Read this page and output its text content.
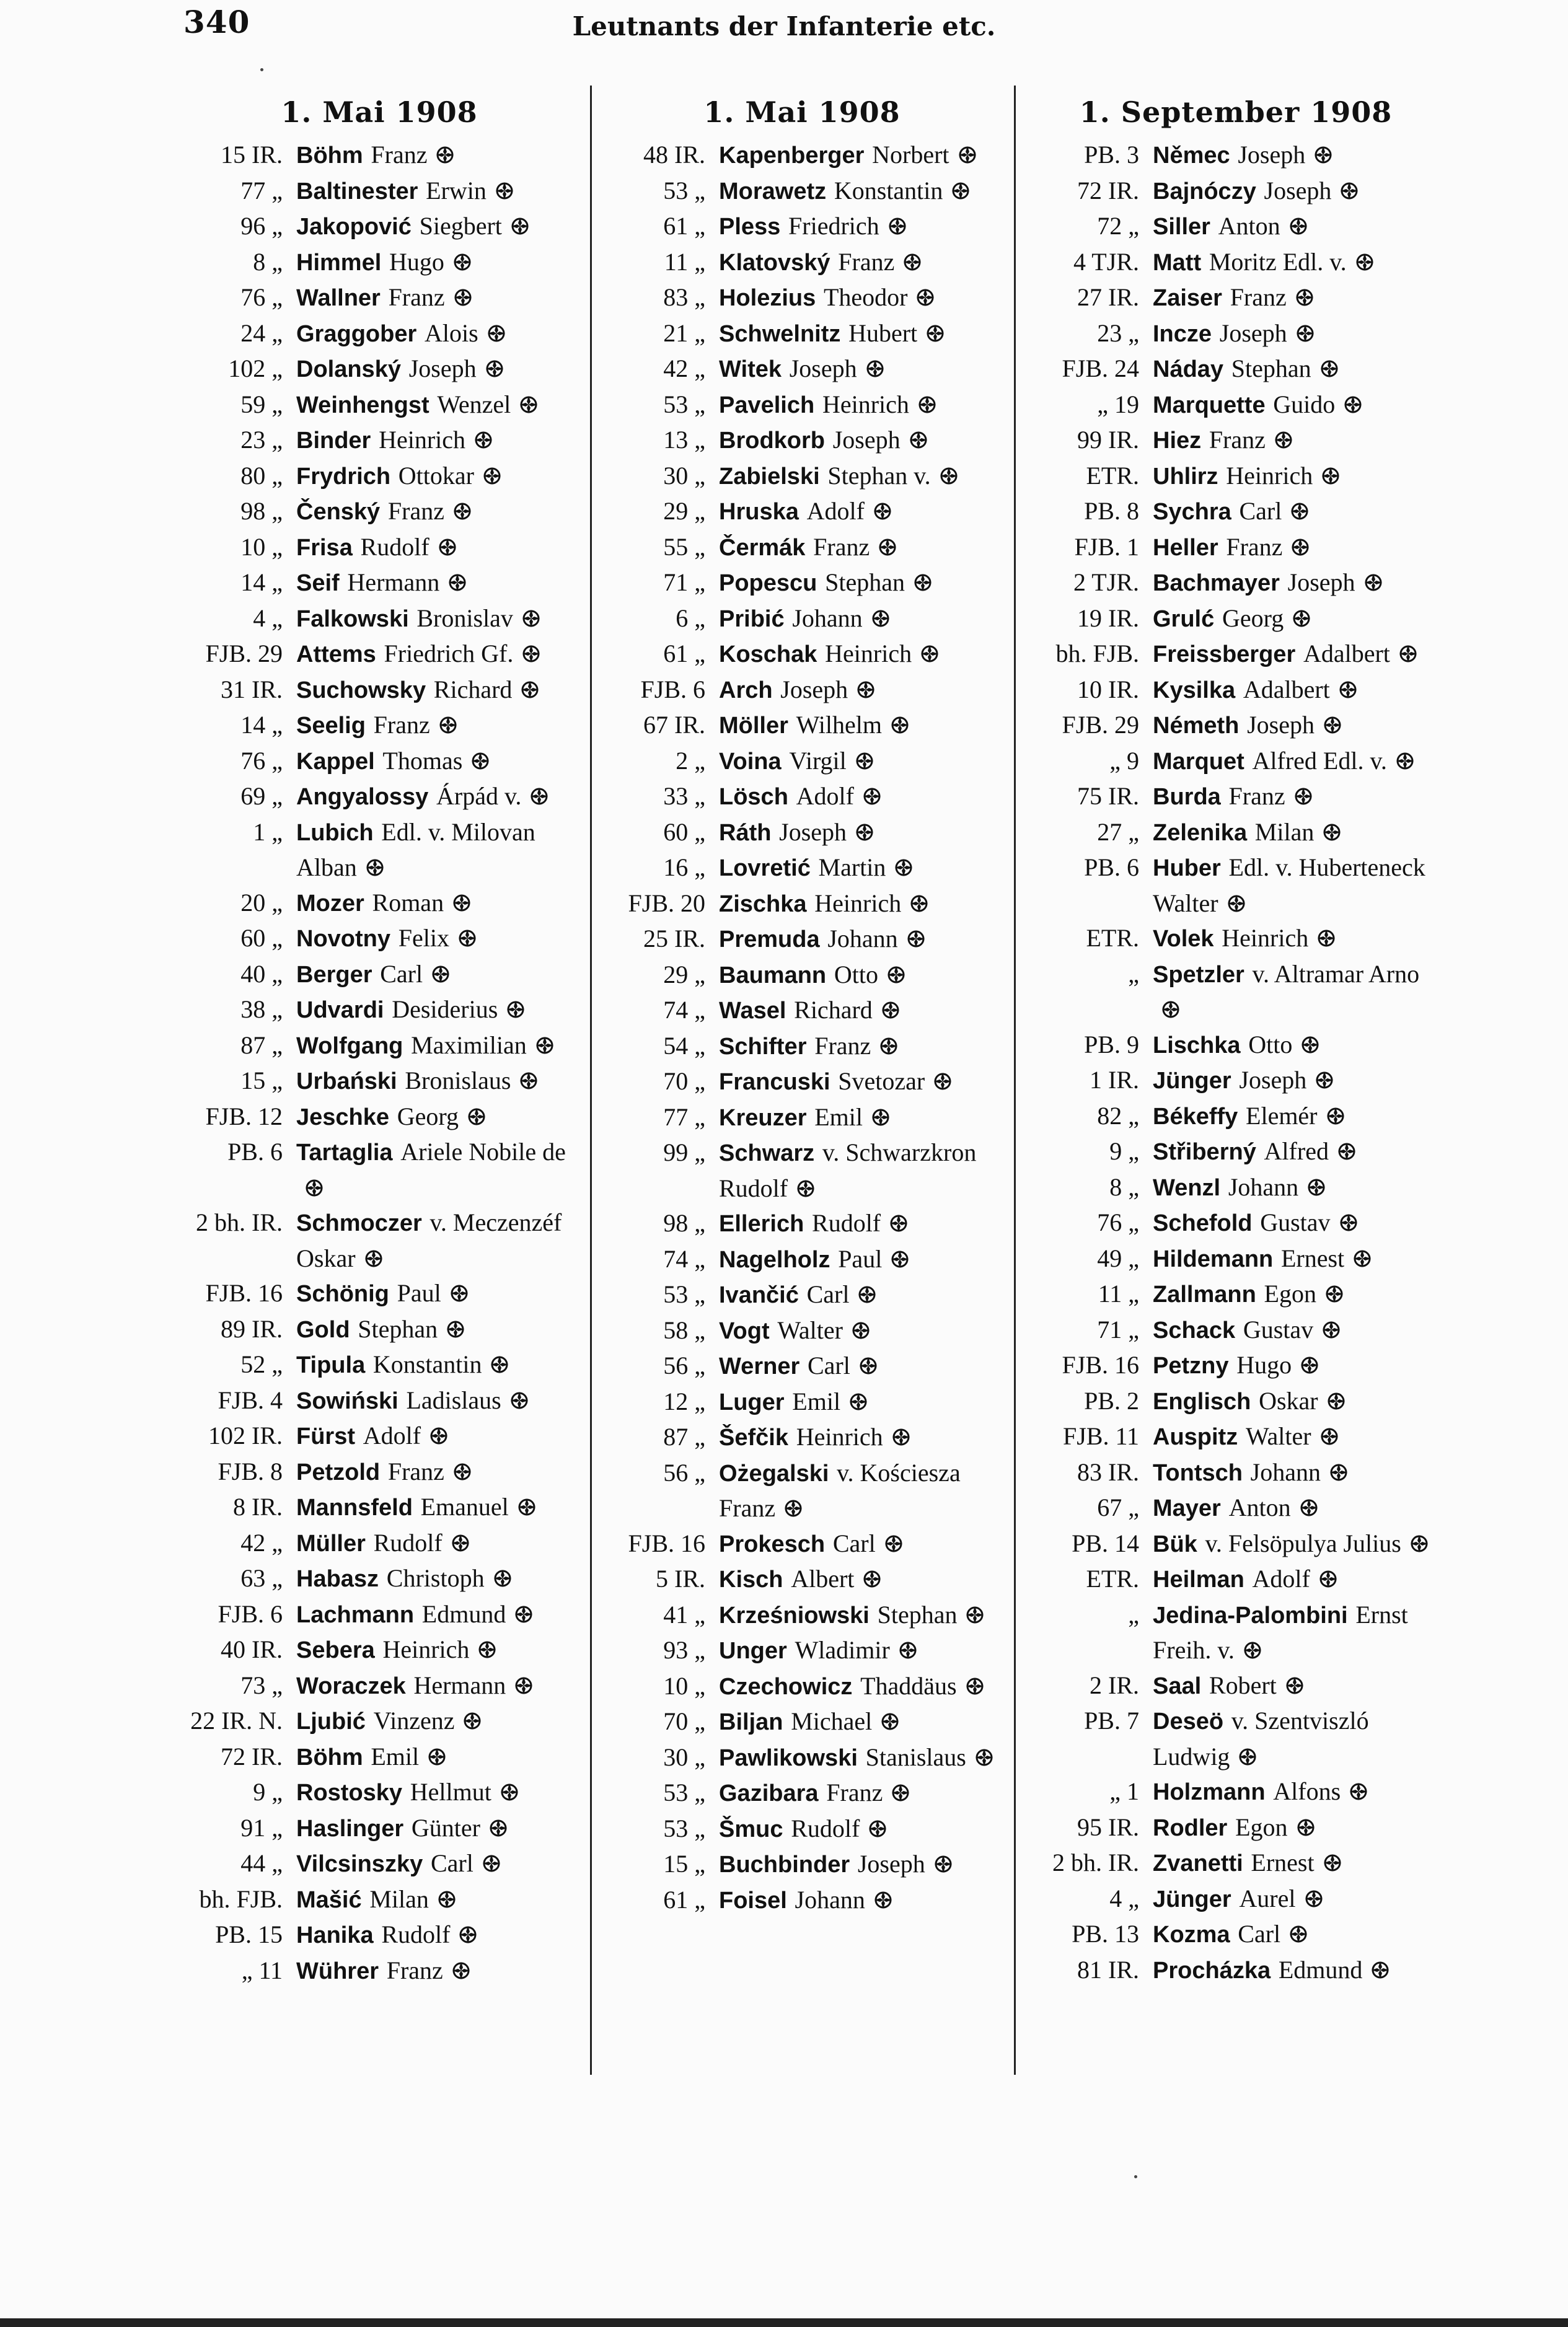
340	Leutnants der Infanterie etc.
1. Mai 1908
15 IR. Böhm Franz
77 „ Baltinester Erwin
96 „ Jakopović Siegbert
8 „ Himmel Hugo
76 „ Wallner Franz
24 „ Graggober Alois
102 „ Dolanský Joseph
59 „ Weinhengst Wenzel
23 „ Binder Heinrich
80 „ Frydrich Ottokar
98 „ Čenský Franz
10 „ Frisa Rudolf
14 „ Seif Hermann
4 „ Falkowski Bronislav
FJB. 29 Attems Friedrich Gf.
31 IR. Suchowsky Richard
14 „ Seelig Franz
76 „ Kappel Thomas
69 „ Angyalossy Árpád v.
1 „ Lubich Edl. v. Milovan Alban
20 „ Mozer Roman
60 „ Novotny Felix
40 „ Berger Carl
38 „ Udvardi Desiderius
87 „ Wolfgang Maximilian
15 „ Urbański Bronislaus
FJB. 12 Jeschke Georg
PB. 6 Tartaglia Ariele Nobile de
2 bh. IR. Schmoczer v. Meczenzéf Oskar
FJB. 16 Schönig Paul
89 IR. Gold Stephan
52 „ Tipula Konstantin
FJB. 4 Sowiński Ladislaus
102 IR. Fürst Adolf
FJB. 8 Petzold Franz
8 IR. Mannsfeld Emanuel
42 „ Müller Rudolf
63 „ Habasz Christoph
FJB. 6 Lachmann Edmund
40 IR. Sebera Heinrich
73 „ Woraczek Hermann
22 IR. N. Ljubić Vinzenz
72 IR. Böhm Emil
9 „ Rostosky Hellmut
91 „ Haslinger Günter
44 „ Vilcsinszky Carl
bh. FJB. Mašić Milan
PB. 15 Hanika Rudolf
„ 11 Wührer Franz
1. Mai 1908
48 IR. Kapenberger Norbert
53 „ Morawetz Konstantin
61 „ Pless Friedrich
11 „ Klatovský Franz
83 „ Holezius Theodor
21 „ Schwelnitz Hubert
42 „ Witek Joseph
53 „ Pavelich Heinrich
13 „ Brodkorb Joseph
30 „ Zabielski Stephan v.
29 „ Hruska Adolf
55 „ Čermák Franz
71 „ Popescu Stephan
6 „ Pribić Johann
61 „ Koschak Heinrich
FJB. 6 Arch Joseph
67 IR. Möller Wilhelm
2 „ Voina Virgil
33 „ Lösch Adolf
60 „ Ráth Joseph
16 „ Lovretić Martin
FJB. 20 Zischka Heinrich
25 IR. Premuda Johann
29 „ Baumann Otto
74 „ Wasel Richard
54 „ Schifter Franz
70 „ Francuski Svetozar
77 „ Kreuzer Emil
99 „ Schwarz v. Schwarzkron Rudolf
98 „ Ellerich Rudolf
74 „ Nagelholz Paul
53 „ Ivančić Carl
58 „ Vogt Walter
56 „ Werner Carl
12 „ Luger Emil
87 „ Šefčik Heinrich
56 „ Ożegalski v. Kościesza Franz
FJB. 16 Prokesch Carl
5 IR. Kisch Albert
41 „ Krześniowski Stephan
93 „ Unger Wladimir
10 „ Czechowicz Thaddäus
70 „ Biljan Michael
30 „ Pawlikowski Stanislaus
53 „ Gazibara Franz
53 „ Šmuc Rudolf
15 „ Buchbinder Joseph
61 „ Foisel Johann
1. September 1908
PB. 3 Němec Joseph
72 IR. Bajnóczy Joseph
72 „ Siller Anton
4 TJR. Matt Moritz Edl. v.
27 IR. Zaiser Franz
23 „ Incze Joseph
FJB. 24 Náday Stephan
„ 19 Marquette Guido
99 IR. Hiez Franz
ETR. Uhlirz Heinrich
PB. 8 Sychra Carl
FJB. 1 Heller Franz
2 TJR. Bachmayer Joseph
19 IR. Grulć Georg
bh. FJB. Freissberger Adalbert
10 IR. Kysilka Adalbert
FJB. 29 Németh Joseph
„ 9 Marquet Alfred Edl. v.
75 IR. Burda Franz
27 „ Zelenika Milan
PB. 6 Huber Edl. v. Huberteneck Walter
ETR. Volek Heinrich
„ Spetzler v. Altramar Arno
PB. 9 Lischka Otto
1 IR. Jünger Joseph
82 „ Békeffy Elemér
9 „ Střiberný Alfred
8 „ Wenzl Johann
76 „ Schefold Gustav
49 „ Hildemann Ernest
11 „ Zallmann Egon
71 „ Schack Gustav
FJB. 16 Petzny Hugo
PB. 2 Englisch Oskar
FJB. 11 Auspitz Walter
83 IR. Tontsch Johann
67 „ Mayer Anton
PB. 14 Bük v. Felsöpulya Julius
ETR. Heilman Adolf
„ Jedina-Palombini Ernst Freih. v.
2 IR. Saal Robert
PB. 7 Deseö v. Szentviszló Ludwig
„ 1 Holzmann Alfons
95 IR. Rodler Egon
2 bh. IR. Zvanetti Ernest
4 „ Jünger Aurel
PB. 13 Kozma Carl
81 IR. Procházka Edmund
